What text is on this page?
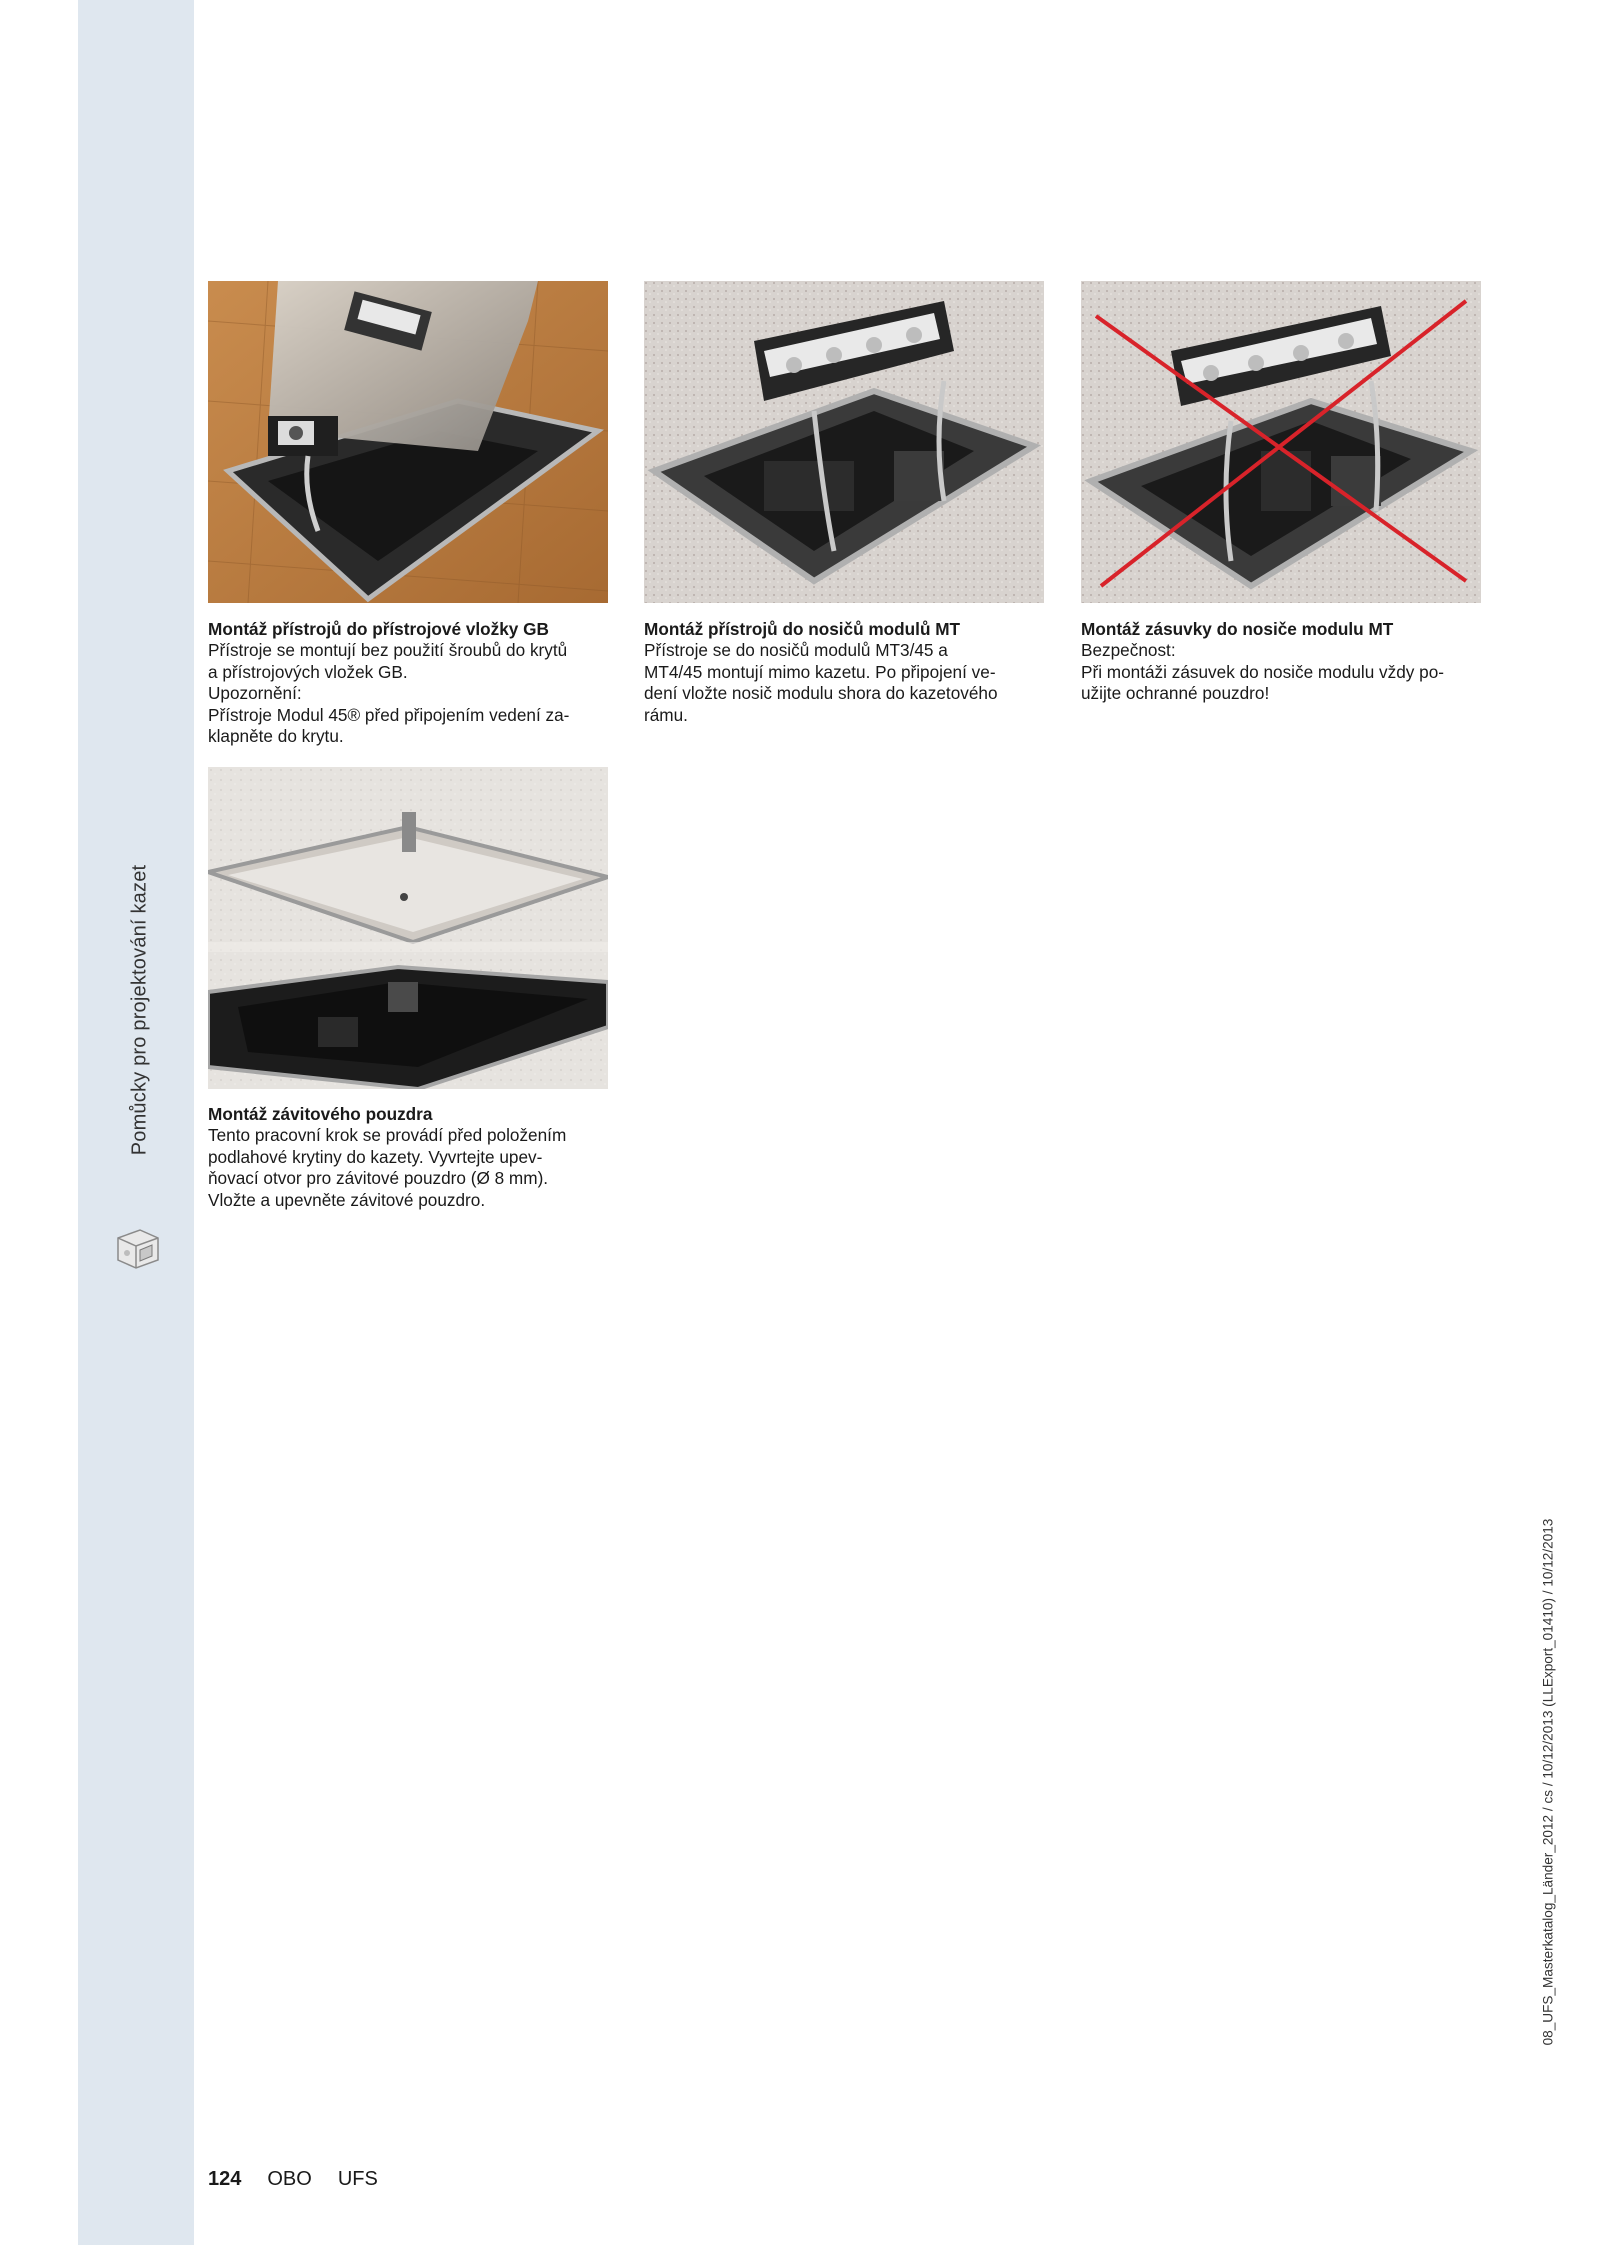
Pomůcky pro projektování kazet
Montáž přístrojů do přístrojové vložky GB
Přístroje se montují bez použití šroubů do krytů
a přístrojových vložek GB.
Upozornění:
Přístroje Modul 45® před připojením vedení za-
klapněte do krytu.
Montáž přístrojů do nosičů modulů MT
Přístroje se do nosičů modulů MT3/45 a
MT4/45 montují mimo kazetu. Po připojení ve-
dení vložte nosič modulu shora do kazetového
rámu.
Montáž zásuvky do nosiče modulu MT
Bezpečnost:
Při montáži zásuvek do nosiče modulu vždy po-
užijte ochranné pouzdro!
Montáž závitového pouzdra
Tento pracovní krok se provádí před položením
podlahové krytiny do kazety. Vyvrtejte upev-
ňovací otvor pro závitové pouzdro (Ø 8 mm).
Vložte a upevněte závitové pouzdro.
124 OBO UFS
08_UFS_Masterkatalog_Länder_2012 / cs / 10/12/2013 (LLExport_01410) / 10/12/2013
